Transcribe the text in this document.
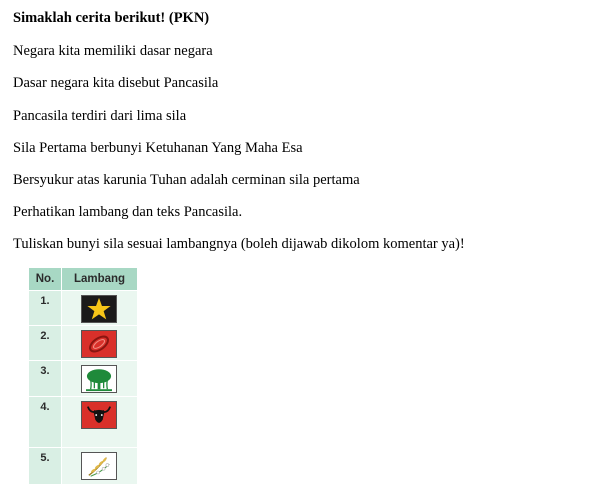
Simaklah cerita berikut! (PKN)
Negara kita memiliki dasar negara
Dasar negara kita disebut Pancasila
Pancasila terdiri dari lima sila
Sila Pertama berbunyi Ketuhanan Yang Maha Esa
Bersyukur atas karunia Tuhan adalah cerminan sila pertama
Perhatikan lambang dan teks Pancasila.
Tuliskan bunyi sila sesuai lambangnya (boleh dijawab dikolom komentar ya)!
No.	Lambang
1.	

2.	

3.	

4.	

5.	
